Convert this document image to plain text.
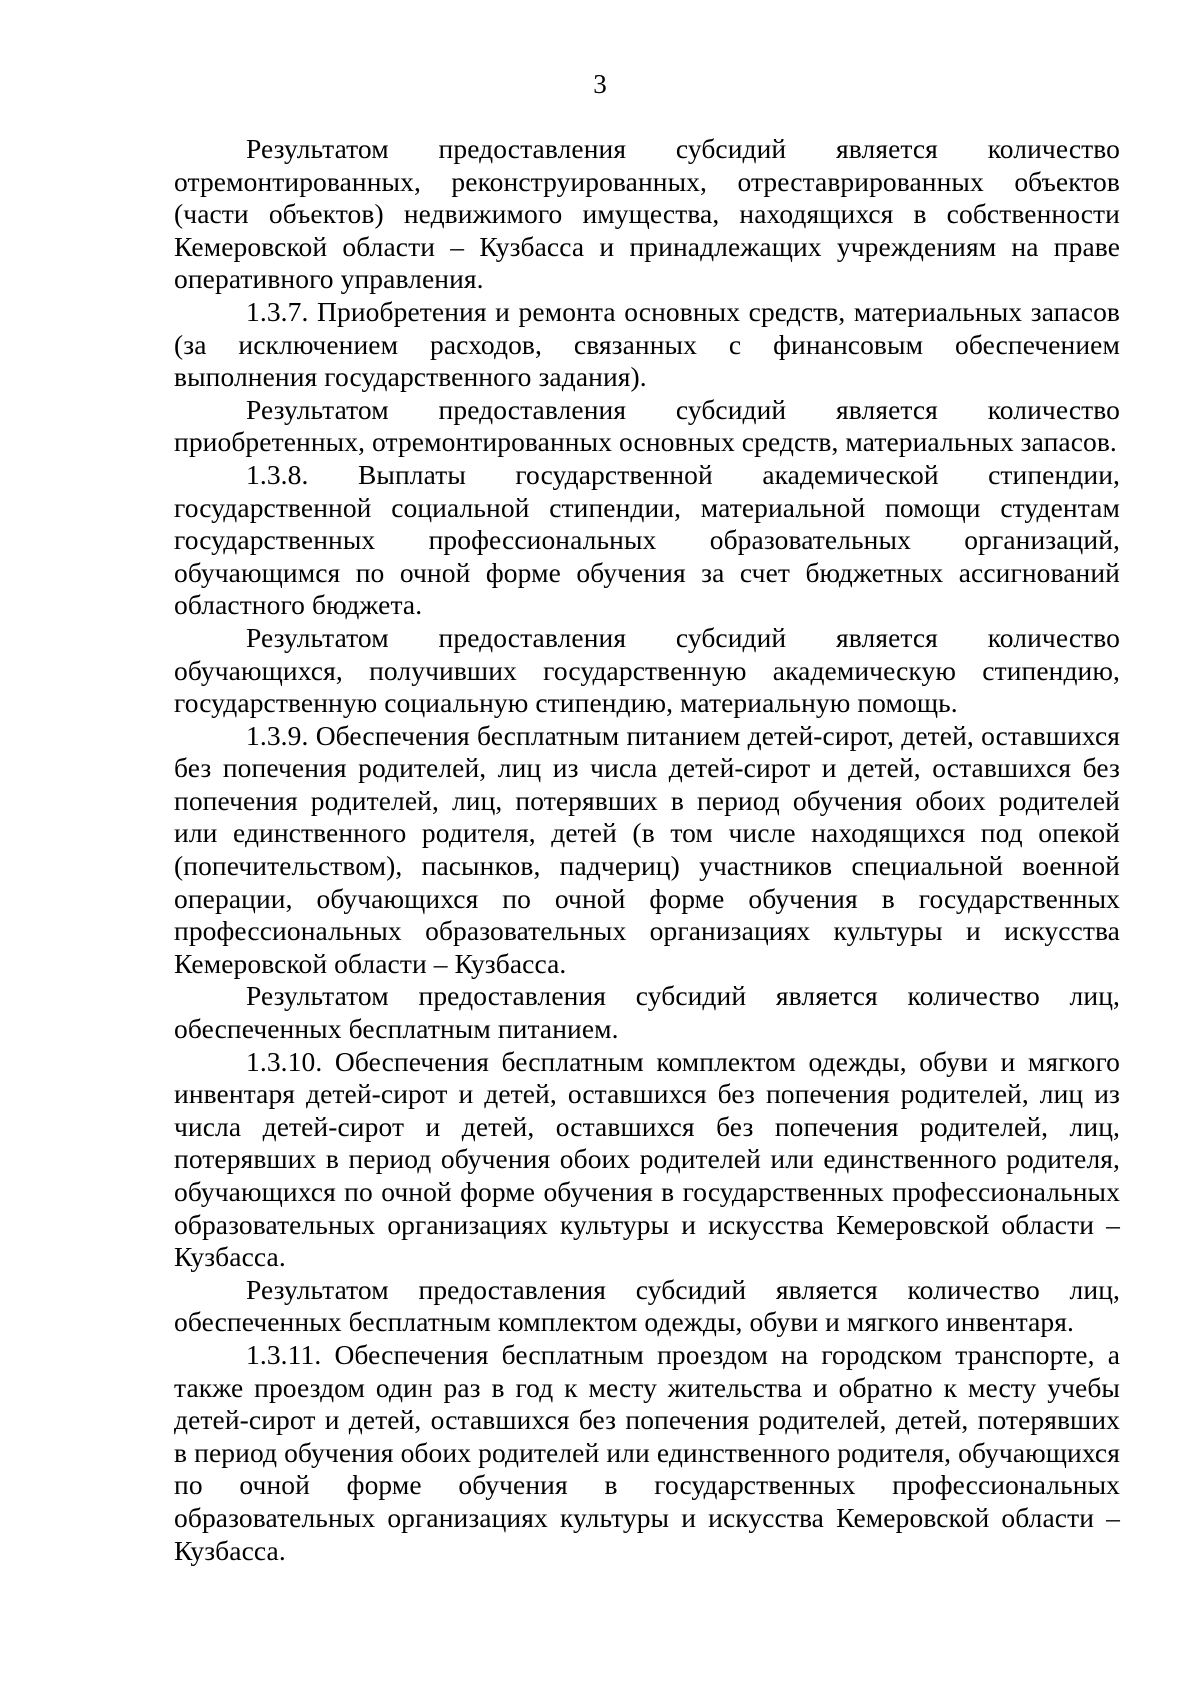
3

Результатом предоставления субсидий является количество отремонтированных, реконструированных, отреставрированных объектов (части объектов) недвижимого имущества, находящихся в собственности Кемеровской области – Кузбасса и принадлежащих учреждениям на праве оперативного управления.

1.3.7. Приобретения и ремонта основных средств, материальных запасов (за исключением расходов, связанных с финансовым обеспечением выполнения государственного задания).

Результатом предоставления субсидий является количество приобретенных, отремонтированных основных средств, материальных запасов.

1.3.8. Выплаты государственной академической стипендии, государственной социальной стипендии, материальной помощи студентам государственных профессиональных образовательных организаций, обучающимся по очной форме обучения за счет бюджетных ассигнований областного бюджета.

Результатом предоставления субсидий является количество обучающихся, получивших государственную академическую стипендию, государственную социальную стипендию, материальную помощь.

1.3.9. Обеспечения бесплатным питанием детей-сирот, детей, оставшихся без попечения родителей, лиц из числа детей-сирот и детей, оставшихся без попечения родителей, лиц, потерявших в период обучения обоих родителей или единственного родителя, детей (в том числе находящихся под опекой (попечительством), пасынков, падчериц) участников специальной военной операции, обучающихся по очной форме обучения в государственных профессиональных образовательных организациях культуры и искусства Кемеровской области – Кузбасса.

Результатом предоставления субсидий является количество лиц, обеспеченных бесплатным питанием.

1.3.10. Обеспечения бесплатным комплектом одежды, обуви и мягкого инвентаря детей-сирот и детей, оставшихся без попечения родителей, лиц из числа детей-сирот и детей, оставшихся без попечения родителей, лиц, потерявших в период обучения обоих родителей или единственного родителя, обучающихся по очной форме обучения в государственных профессиональных образовательных организациях культуры и искусства Кемеровской области – Кузбасса.

Результатом предоставления субсидий является количество лиц, обеспеченных бесплатным комплектом одежды, обуви и мягкого инвентаря.

1.3.11. Обеспечения бесплатным проездом на городском транспорте, а также проездом один раз в год к месту жительства и обратно к месту учебы детей-сирот и детей, оставшихся без попечения родителей, детей, потерявших в период обучения обоих родителей или единственного родителя, обучающихся по очной форме обучения в государственных профессиональных образовательных организациях культуры и искусства Кемеровской области – Кузбасса.
